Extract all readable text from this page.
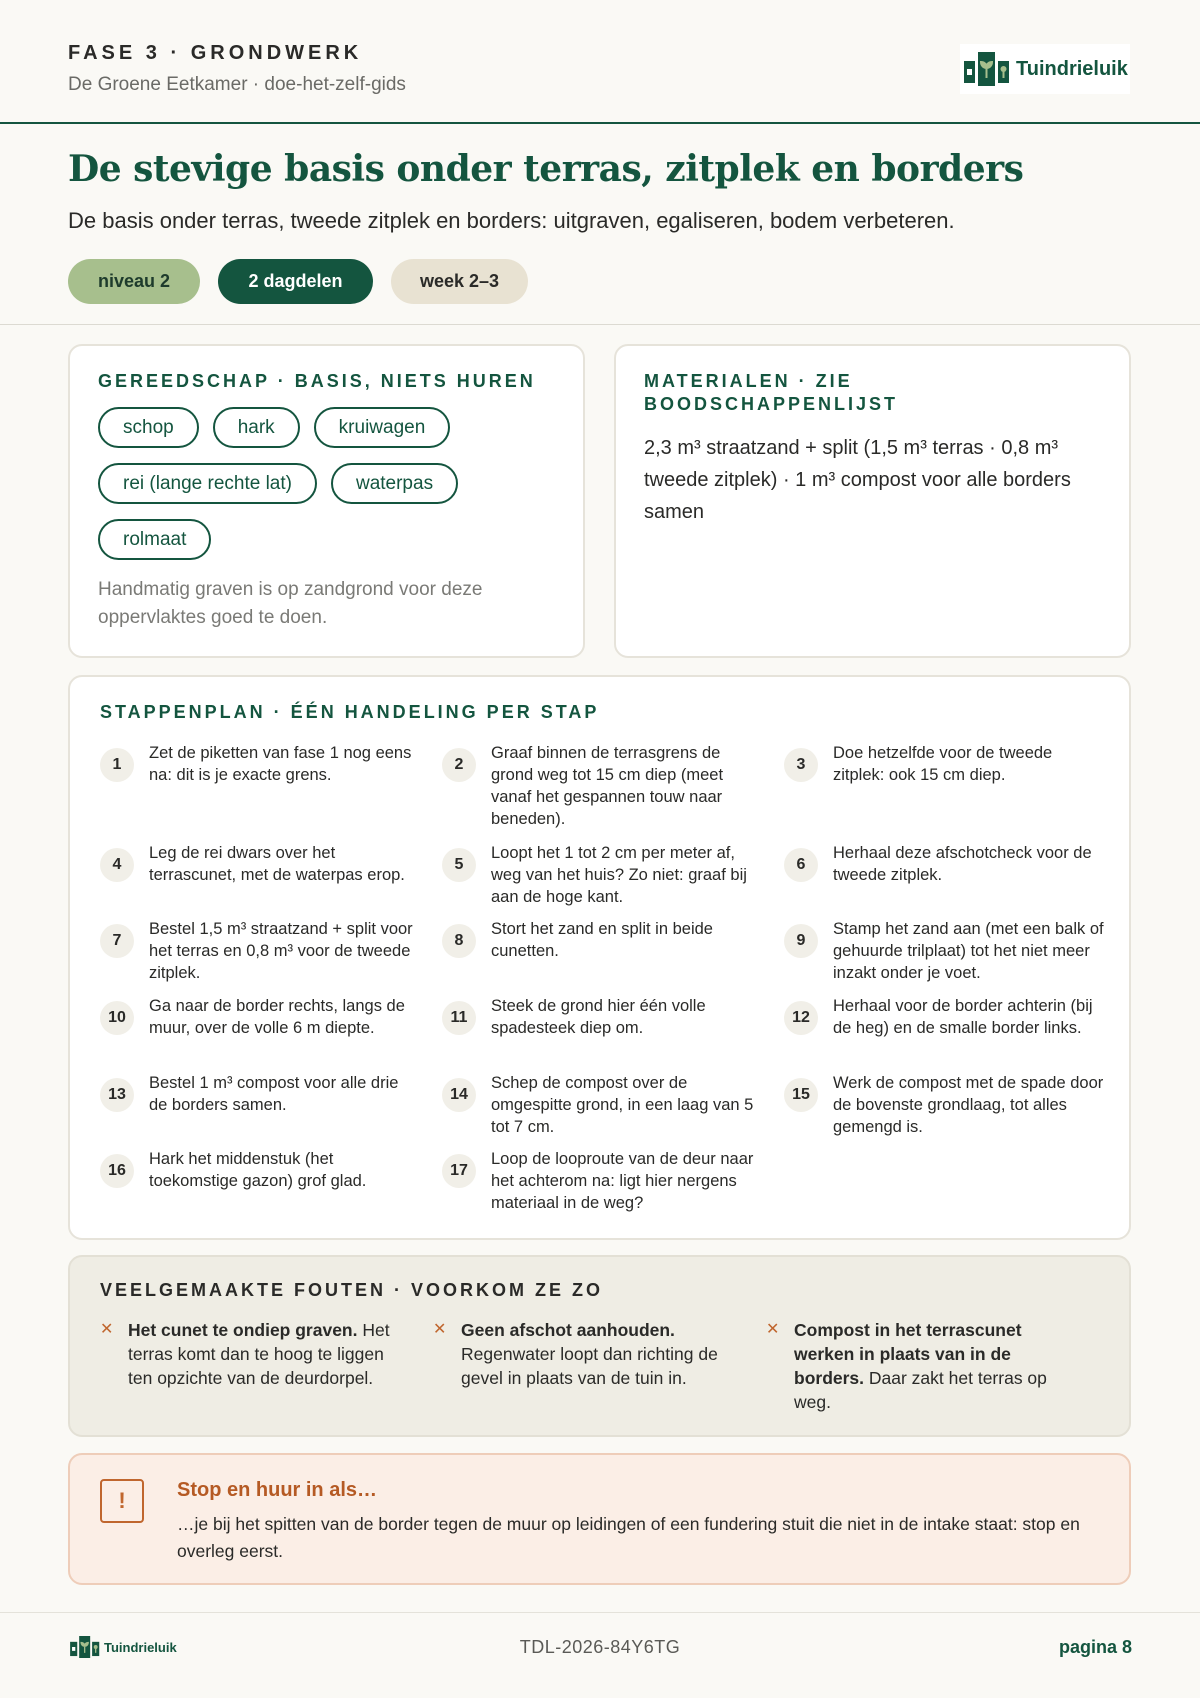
FASE 3 · GRONDWERK
De Groene Eetkamer · doe-het-zelf-gids
Tuindrieluik
De stevige basis onder terras, zitplek en borders

De basis onder terras, tweede zitplek en borders: uitgraven, egaliseren, bodem verbeteren.

niveau 2	2 dagdelen	week 2–3
GEREEDSCHAP · BASIS, NIETS HUREN
schop	hark	kruiwagen
rei (lange rechte lat)	waterpas
rolmaat

Handmatig graven is op zandgrond voor deze oppervlaktes goed te doen.

MATERIALEN · ZIE BOODSCHAPPENLIJST

2,3 m³ straatzand + split (1,5 m³ terras · 0,8 m³ tweede zitplek) · 1 m³ compost voor alle borders samen

STAPPENPLAN · ÉÉN HANDELING PER STAP
1
Zet de piketten van fase 1 nog eens na: dit is je exacte grens.
2
Graaf binnen de terrasgrens de grond weg tot 15 cm diep (meet vanaf het gespannen touw naar beneden).
3
Doe hetzelfde voor de tweede zitplek: ook 15 cm diep.
4
Leg de rei dwars over het terrascunet, met de waterpas erop.
5
Loopt het 1 tot 2 cm per meter af, weg van het huis? Zo niet: graaf bij aan de hoge kant.
6
Herhaal deze afschotcheck voor de tweede zitplek.
7
Bestel 1,5 m³ straatzand + split voor het terras en 0,8 m³ voor de tweede zitplek.
8
Stort het zand en split in beide cunetten.
9
Stamp het zand aan (met een balk of gehuurde trilplaat) tot het niet meer inzakt onder je voet.
10
Ga naar de border rechts, langs de muur, over de volle 6 m diepte.
11
Steek de grond hier één volle spadesteek diep om.
12
Herhaal voor de border achterin (bij de heg) en de smalle border links.
13
Bestel 1 m³ compost voor alle drie de borders samen.
14
Schep de compost over de omgespitte grond, in een laag van 5 tot 7 cm.
15
Werk de compost met de spade door de bovenste grondlaag, tot alles gemengd is.
16
Hark het middenstuk (het toekomstige gazon) grof glad.
17
Loop de looproute van de deur naar het achterom na: ligt hier nergens materiaal in de weg?
VEELGEMAAKTE FOUTEN · VOORKOM ZE ZO
✕ Het cunet te ondiep graven. Het terras komt dan te hoog te liggen ten opzichte van de deurdorpel.
✕ Geen afschot aanhouden. Regenwater loopt dan richting de gevel in plaats van de tuin in.
✕ Compost in het terrascunet werken in plaats van in de borders. Daar zakt het terras op weg.
!	Stop en huur in als…

…je bij het spitten van de border tegen de muur op leidingen of een fundering stuit die niet in de intake staat: stop en overleg eerst.

Tuindrieluik	TDL-2026-84Y6TG	pagina 8
